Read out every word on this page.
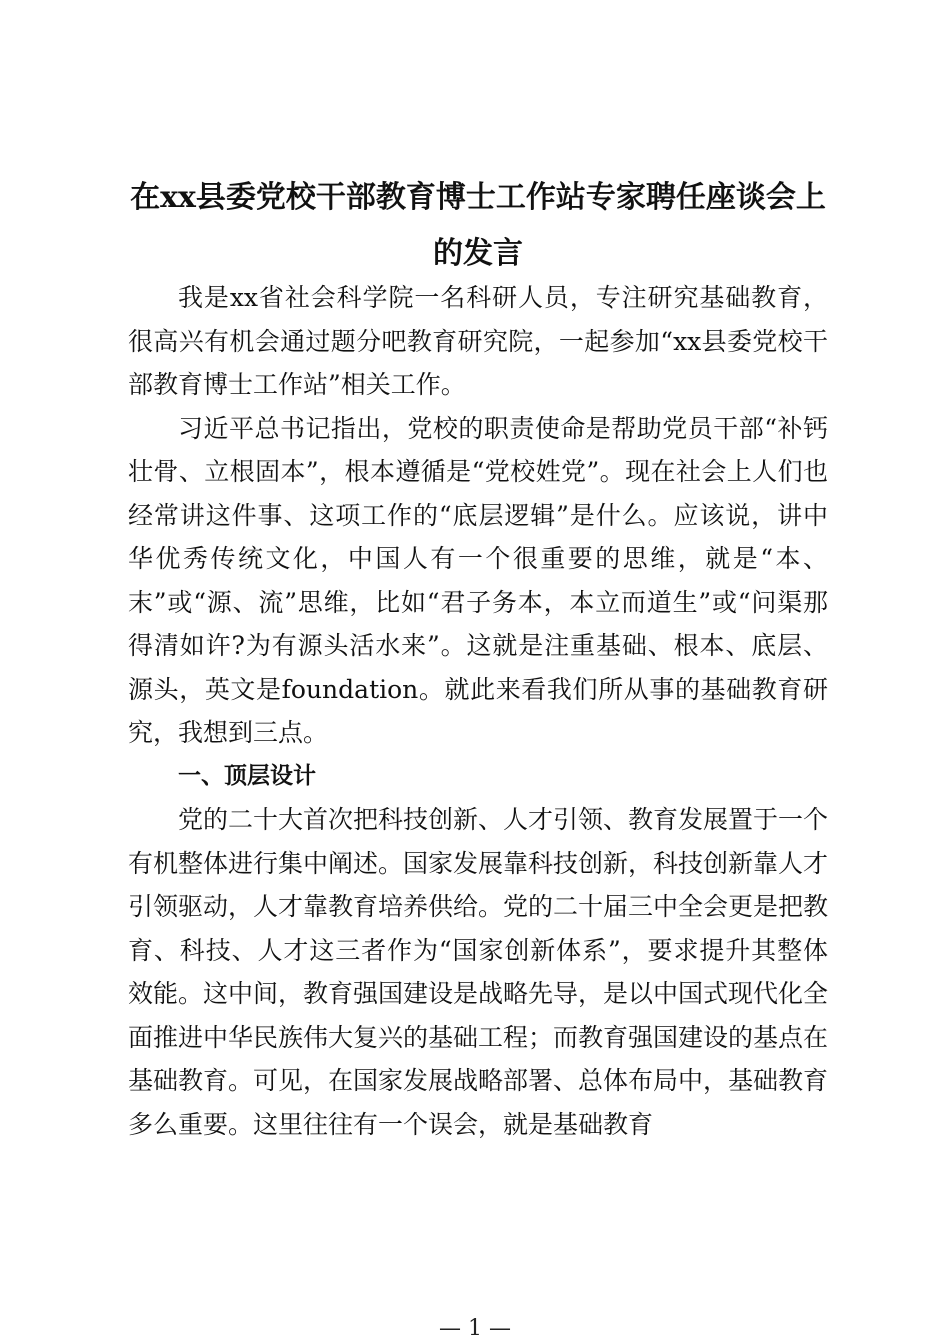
在xx县委党校干部教育博士工作站专家聘任座谈会上的发言

我是xx省社会科学院一名科研人员，专注研究基础教育，很高兴有机会通过题分吧教育研究院，一起参加“xx县委党校干部教育博士工作站”相关工作。

习近平总书记指出，党校的职责使命是帮助党员干部“补钙壮骨、立根固本”，根本遵循是“党校姓党”。现在社会上人们也经常讲这件事、这项工作的“底层逻辑”是什么。应该说，讲中华优秀传统文化，中国人有一个很重要的思维，就是“本、末”或“源、流”思维，比如“君子务本，本立而道生”或“问渠那得清如许?为有源头活水来”。这就是注重基础、根本、底层、源头，英文是foundation。就此来看我们所从事的基础教育研究，我想到三点。

一、顶层设计

党的二十大首次把科技创新、人才引领、教育发展置于一个有机整体进行集中阐述。国家发展靠科技创新，科技创新靠人才引领驱动，人才靠教育培养供给。党的二十届三中全会更是把教育、科技、人才这三者作为“国家创新体系”，要求提升其整体效能。这中间，教育强国建设是战略先导，是以中国式现代化全面推进中华民族伟大复兴的基础工程；而教育强国建设的基点在基础教育。可见，在国家发展战略部署、总体布局中，基础教育多么重要。这里往往有一个误会，就是基础教育

— 1 —
